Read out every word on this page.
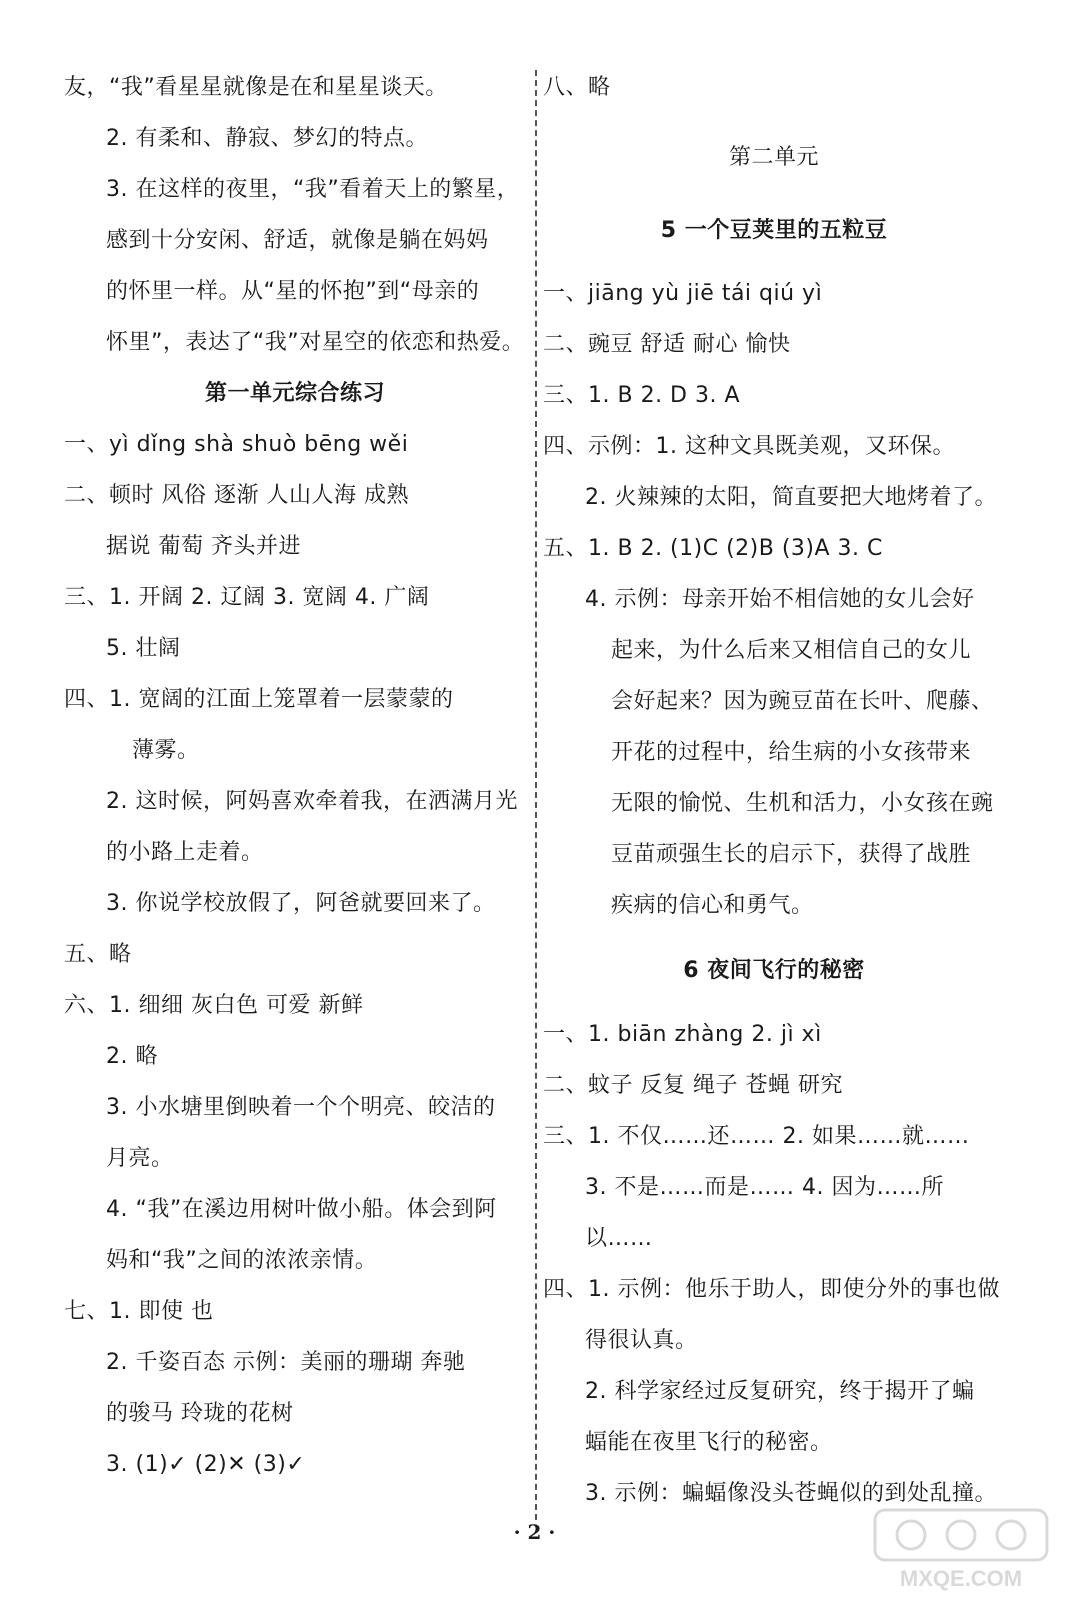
友，“我”看星星就像是在和星星谈天。
2. 有柔和、静寂、梦幻的特点。
3. 在这样的夜里，“我”看着天上的繁星，
感到十分安闲、舒适，就像是躺在妈妈
的怀里一样。从“星的怀抱”到“母亲的
怀里”，表达了“我”对星空的依恋和热爱。
第一单元综合练习
一、yì dǐng shà shuò bēng wěi
二、顿时 风俗 逐渐 人山人海 成熟
据说 葡萄 齐头并进
三、1. 开阔 2. 辽阔 3. 宽阔 4. 广阔
5. 壮阔
四、1. 宽阔的江面上笼罩着一层蒙蒙的
薄雾。
2. 这时候，阿妈喜欢牵着我，在洒满月光
的小路上走着。
3. 你说学校放假了，阿爸就要回来了。
五、略
六、1. 细细 灰白色 可爱 新鲜
2. 略
3. 小水塘里倒映着一个个明亮、皎洁的
月亮。
4. “我”在溪边用树叶做小船。体会到阿
妈和“我”之间的浓浓亲情。
七、1. 即使 也
2. 千姿百态 示例：美丽的珊瑚 奔驰
的骏马 玲珑的花树
3. (1)✓ (2)✕ (3)✓
八、略
第二单元
5 一个豆荚里的五粒豆
一、jiāng yù jiē tái qiú yì
二、豌豆 舒适 耐心 愉快
三、1. B 2. D 3. A
四、示例：1. 这种文具既美观，又环保。
2. 火辣辣的太阳，简直要把大地烤着了。
五、1. B 2. (1)C (2)B (3)A 3. C
4. 示例：母亲开始不相信她的女儿会好
起来，为什么后来又相信自己的女儿
会好起来？因为豌豆苗在长叶、爬藤、
开花的过程中，给生病的小女孩带来
无限的愉悦、生机和活力，小女孩在豌
豆苗顽强生长的启示下，获得了战胜
疾病的信心和勇气。
6 夜间飞行的秘密
一、1. biān zhàng 2. jì xì
二、蚊子 反复 绳子 苍蝇 研究
三、1. 不仅……还…… 2. 如果……就……
3. 不是……而是…… 4. 因为……所
以……
四、1. 示例：他乐于助人，即使分外的事也做
得很认真。
2. 科学家经过反复研究，终于揭开了蝙
蝠能在夜里飞行的秘密。
3. 示例：蝙蝠像没头苍蝇似的到处乱撞。
· 2 ·
MXQE.COM
